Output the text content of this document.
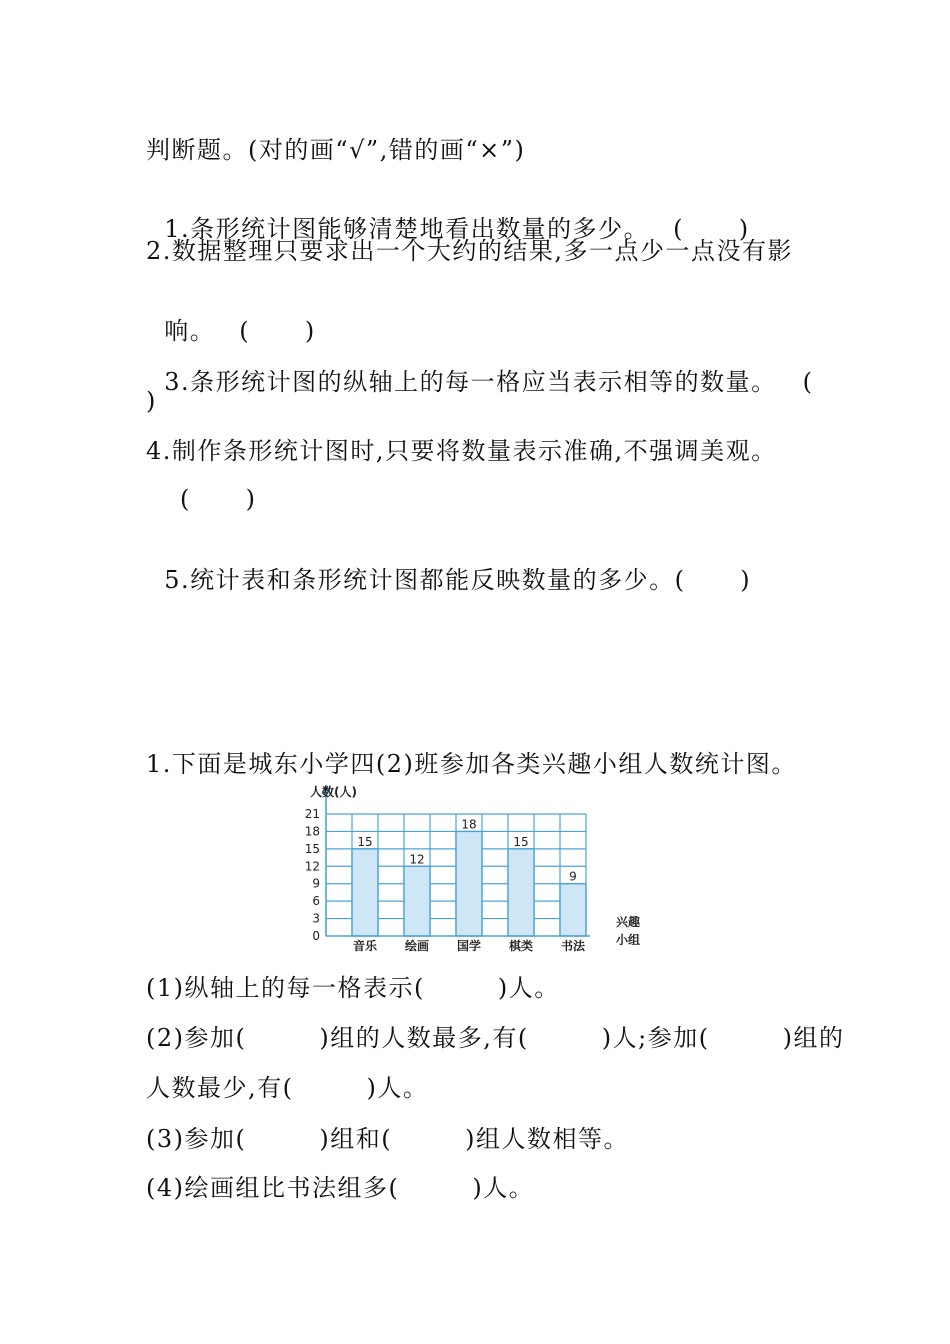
判断题。(对的画“√”,错的画“×”)

1.条形统计图能够清楚地看出数量的多少。 (      )

2.数据整理只要求出一个大约的结果,多一点少一点没有影

响。 (      )

3.条形统计图的纵轴上的每一格应当表示相等的数量。 (

)
4.制作条形统计图时,只要将数量表示准确,不强调美观。
(      )

5.统计表和条形统计图都能反映数量的多少。(      )

1.下面是城东小学四(2)班参加各类兴趣小组人数统计图。
15
12
18
15
9
音乐 绘画 国学 棋类 书法
0
3
6
9
12
15
18
21
人数(人)
兴趣
小组
(1)纵轴上的每一格表示(        )人。
(2)参加(        )组的人数最多,有(        )人;参加(        )组的
人数最少,有(        )人。
(3)参加(        )组和(        )组人数相等。
(4)绘画组比书法组多(        )人。
